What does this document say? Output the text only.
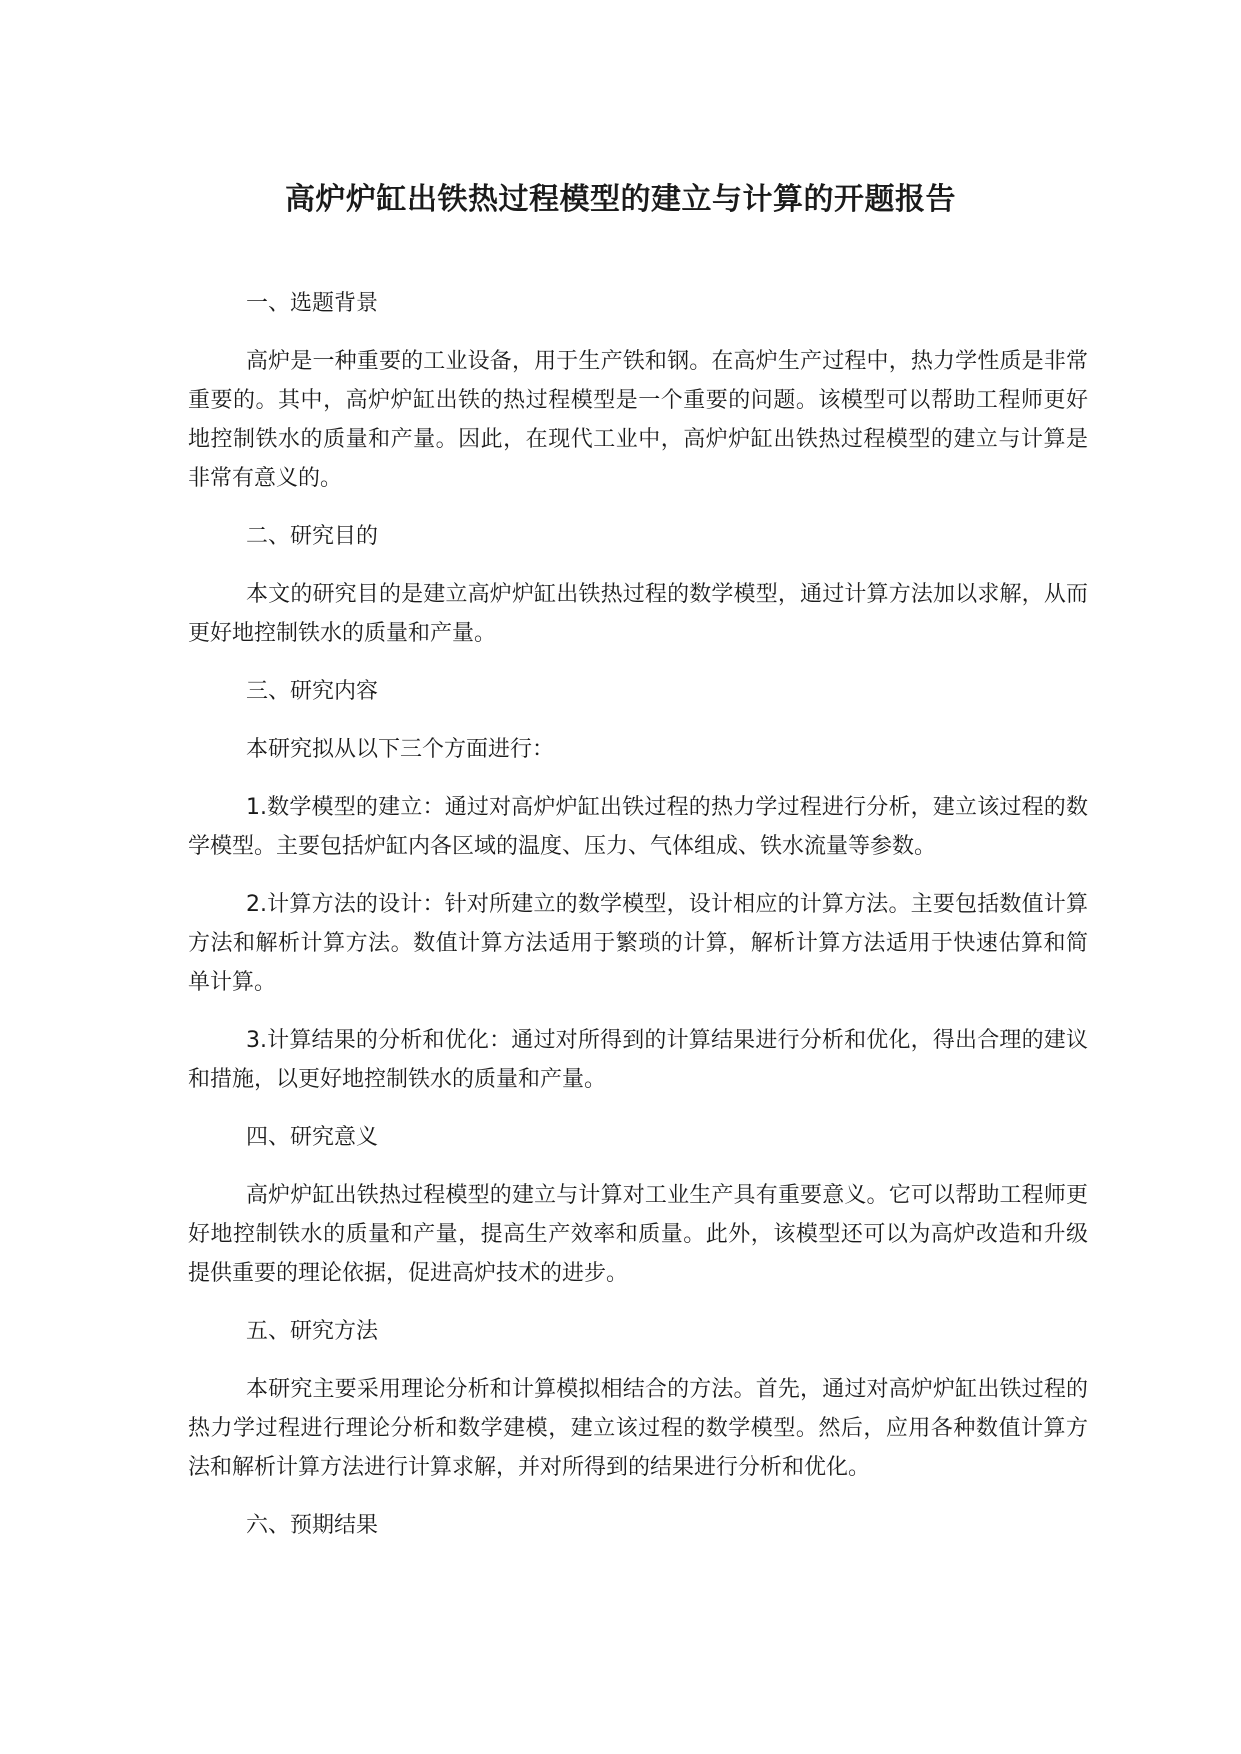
高炉炉缸出铁热过程模型的建立与计算的开题报告
一、选题背景
高炉是一种重要的工业设备，用于生产铁和钢。在高炉生产过程中，热力学性质是非常重要的。其中，高炉炉缸出铁的热过程模型是一个重要的问题。该模型可以帮助工程师更好地控制铁水的质量和产量。因此，在现代工业中，高炉炉缸出铁热过程模型的建立与计算是非常有意义的。
二、研究目的
本文的研究目的是建立高炉炉缸出铁热过程的数学模型，通过计算方法加以求解，从而更好地控制铁水的质量和产量。
三、研究内容
本研究拟从以下三个方面进行：
1.数学模型的建立：通过对高炉炉缸出铁过程的热力学过程进行分析，建立该过程的数学模型。主要包括炉缸内各区域的温度、压力、气体组成、铁水流量等参数。
2.计算方法的设计：针对所建立的数学模型，设计相应的计算方法。主要包括数值计算方法和解析计算方法。数值计算方法适用于繁琐的计算，解析计算方法适用于快速估算和简单计算。
3.计算结果的分析和优化：通过对所得到的计算结果进行分析和优化，得出合理的建议和措施，以更好地控制铁水的质量和产量。
四、研究意义
高炉炉缸出铁热过程模型的建立与计算对工业生产具有重要意义。它可以帮助工程师更好地控制铁水的质量和产量，提高生产效率和质量。此外，该模型还可以为高炉改造和升级提供重要的理论依据，促进高炉技术的进步。
五、研究方法
本研究主要采用理论分析和计算模拟相结合的方法。首先，通过对高炉炉缸出铁过程的热力学过程进行理论分析和数学建模，建立该过程的数学模型。然后，应用各种数值计算方法和解析计算方法进行计算求解，并对所得到的结果进行分析和优化。
六、预期结果
